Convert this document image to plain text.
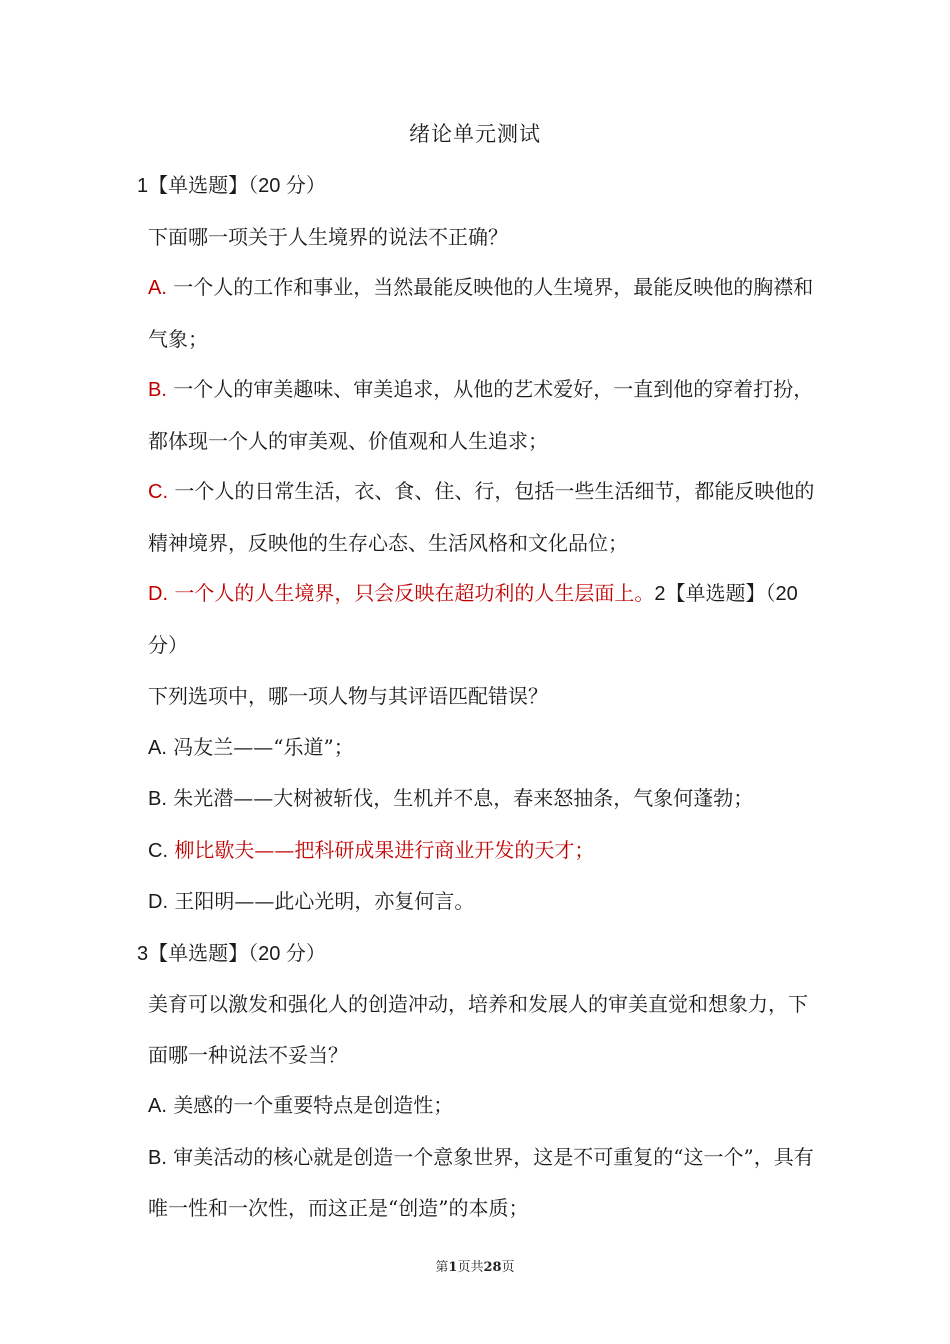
绪论单元测试

1【单选题】（20 分）

下面哪一项关于人生境界的说法不正确？

A. 一个人的工作和事业，当然最能反映他的人生境界，最能反映他的胸襟和气象；

B. 一个人的审美趣味、审美追求，从他的艺术爱好，一直到他的穿着打扮，都体现一个人的审美观、价值观和人生追求；

C. 一个人的日常生活，衣、食、住、行，包括一些生活细节，都能反映他的精神境界，反映他的生存心态、生活风格和文化品位；

D. 一个人的人生境界，只会反映在超功利的人生层面上。2【单选题】（20 分）

下列选项中，哪一项人物与其评语匹配错误？

A. 冯友兰——“乐道”；

B. 朱光潜——大树被斩伐，生机并不息，春来怒抽条，气象何蓬勃；

C. 柳比歇夫——把科研成果进行商业开发的天才；

D. 王阳明——此心光明，亦复何言。

3【单选题】（20 分）

美育可以激发和强化人的创造冲动，培养和发展人的审美直觉和想象力，下面哪一种说法不妥当？

A. 美感的一个重要特点是创造性；

B. 审美活动的核心就是创造一个意象世界，这是不可重复的“这一个”，具有唯一性和一次性，而这正是“创造”的本质；

第1页共28页
